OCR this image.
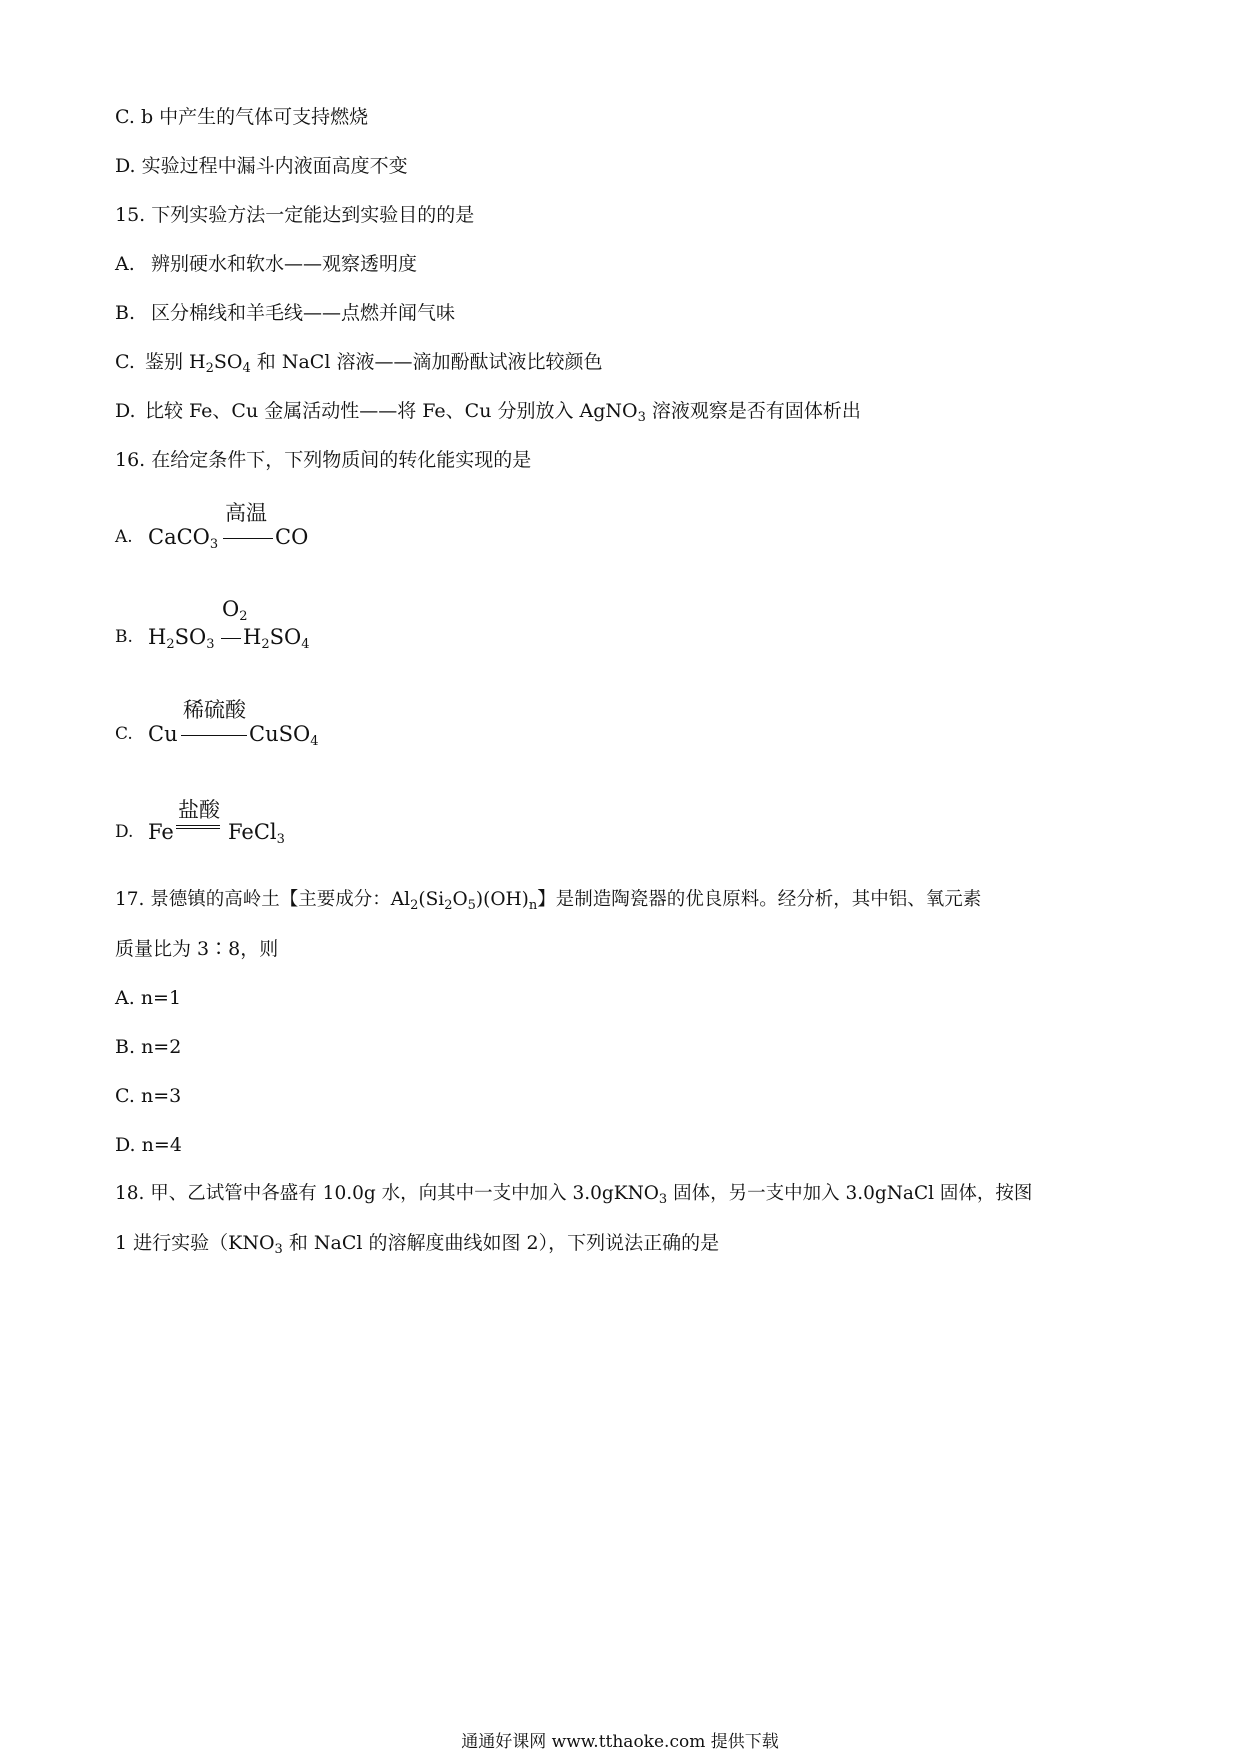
C. b 中产生的气体可支持燃烧
D. 实验过程中漏斗内液面高度不变
15. 下列实验方法一定能达到实验目的的是
A. 辨别硬水和软水——观察透明度
B. 区分棉线和羊毛线——点燃并闻气味
C. 鉴别 $H_2SO_4$ 和 NaCl 溶液——滴加酚酞试液比较颜色
D. 比较 Fe、Cu 金属活动性——将 Fe、Cu 分别放入 AgNO$_3$ 溶液观察是否有固体析出
16. 在给定条件下，下列物质间的转化能实现的是
A. CaCO$_3$
高温
CO
B. $H_2SO_3$
$O_2$
$H_2SO_4$
C. Cu
稀硫酸
CuSO$_4$
D. Fe
盐酸
FeCl$_3$
17. 景德镇的高岭土【主要成分：$Al_2(Si_2O_5)(OH)_n$】是制造陶瓷器的优良原料。经分析，其中铝、氧元素
质量比为 3∶8，则
A. n=1
B. n=2
C. n=3
D. n=4
18. 甲、乙试管中各盛有 10.0g 水，向其中一支中加入 3.0gKNO$_3$ 固体，另一支中加入 3.0gNaCl 固体，按图
1 进行实验（$KNO_3$ 和 NaCl 的溶解度曲线如图 2），下列说法正确的是
通通好课网 www.tthaoke.com 提供下载
